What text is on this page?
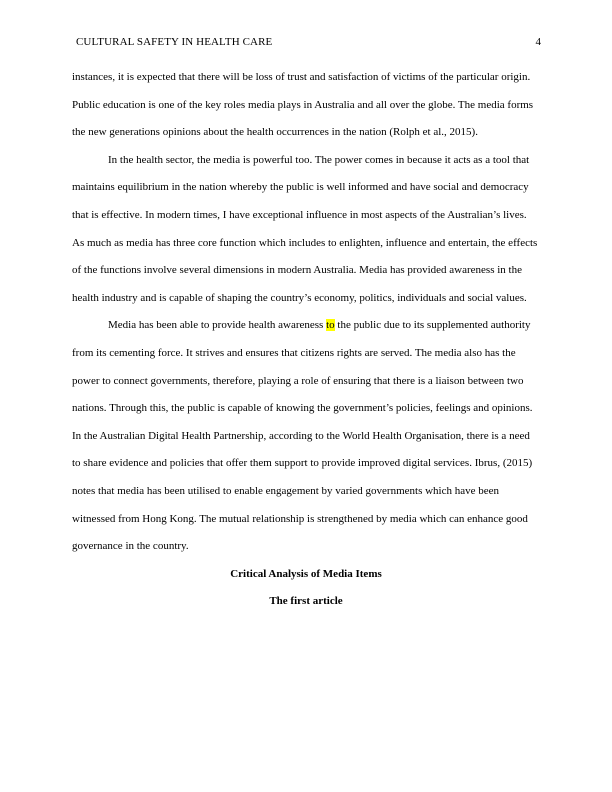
CULTURAL SAFETY IN HEALTH CARE	4

instances, it is expected that there will be loss of trust and satisfaction of victims of the particular origin. Public education is one of the key roles media plays in Australia and all over the globe. The media forms the new generations opinions about the health occurrences in the nation (Rolph et al., 2015).

In the health sector, the media is powerful too. The power comes in because it acts as a tool that maintains equilibrium in the nation whereby the public is well informed and have social and democracy that is effective. In modern times, I have exceptional influence in most aspects of the Australian’s lives. As much as media has three core function which includes to enlighten, influence and entertain, the effects of the functions involve several dimensions in modern Australia. Media has provided awareness in the health industry and is capable of shaping the country’s economy, politics, individuals and social values.

Media has been able to provide health awareness to the public due to its supplemented authority from its cementing force. It strives and ensures that citizens rights are served. The media also has the power to connect governments, therefore, playing a role of ensuring that there is a liaison between two nations. Through this, the public is capable of knowing the government’s policies, feelings and opinions. In the Australian Digital Health Partnership, according to the World Health Organisation, there is a need to share evidence and policies that offer them support to provide improved digital services. Ibrus, (2015) notes that media has been utilised to enable engagement by varied governments which have been witnessed from Hong Kong. The mutual relationship is strengthened by media which can enhance good governance in the country.

Critical Analysis of Media Items

The first article
